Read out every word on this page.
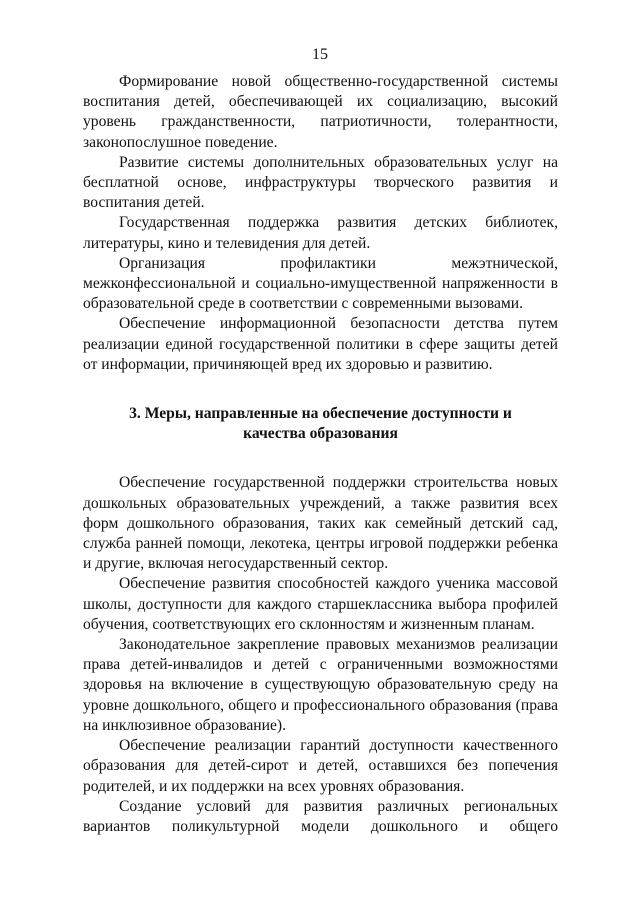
15

Формирование новой общественно-государственной системы воспитания детей, обеспечивающей их социализацию, высокий уровень гражданственности, патриотичности, толерантности, законопослушное поведение.

Развитие системы дополнительных образовательных услуг на бесплатной основе, инфраструктуры творческого развития и воспитания детей.

Государственная поддержка развития детских библиотек, литературы, кино и телевидения для детей.

Организация профилактики межэтнической, межконфессиональной и социально-имущественной напряженности в образовательной среде в соответствии с современными вызовами.

Обеспечение информационной безопасности детства путем реализации единой государственной политики в сфере защиты детей от информации, причиняющей вред их здоровью и развитию.

3. Меры, направленные на обеспечение доступности и
качества образования

Обеспечение государственной поддержки строительства новых дошкольных образовательных учреждений, а также развития всех форм дошкольного образования, таких как семейный детский сад, служба ранней помощи, лекотека, центры игровой поддержки ребенка и другие, включая негосударственный сектор.

Обеспечение развития способностей каждого ученика массовой школы, доступности для каждого старшеклассника выбора профилей обучения, соответствующих его склонностям и жизненным планам.

Законодательное закрепление правовых механизмов реализации права детей-инвалидов и детей с ограниченными возможностями здоровья на включение в существующую образовательную среду на уровне дошкольного, общего и профессионального образования (права на инклюзивное образование).

Обеспечение реализации гарантий доступности качественного образования для детей-сирот и детей, оставшихся без попечения родителей, и их поддержки на всех уровнях образования.

Создание условий для развития различных региональных вариантов поликультурной модели дошкольного и общего
